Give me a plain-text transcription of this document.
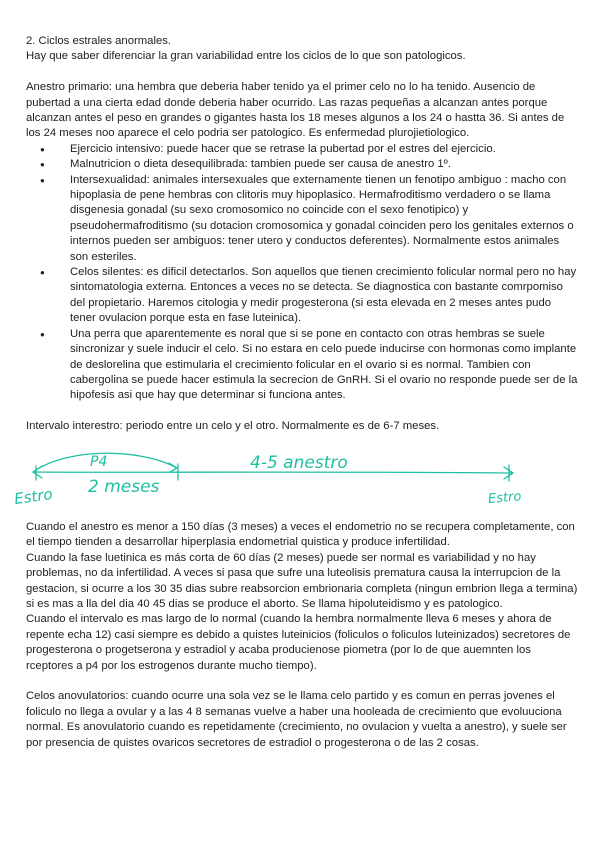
2. Ciclos estrales anormales.

Hay que saber diferenciar la gran variabilidad entre los ciclos de lo que son patologicos.

Anestro primario: una hembra que deberia haber tenido ya el primer celo no lo ha tenido. Ausencio de pubertad a una cierta edad donde deberia haber ocurrido. Las razas pequeñas a alcanzan antes porque alcanzan antes el peso en grandes o gigantes hasta los 18 meses algunos a los 24 o hastta 36. Si antes de los 24 meses noo aparece el celo podria ser patologico. Es enfermedad plurojietiologico.

● Ejercicio intensivo: puede hacer que se retrase la pubertad por el estres del ejercicio.
● Malnutricion o dieta desequilibrada: tambien puede ser causa de anestro 1º.
● Intersexualidad: animales intersexuales que externamente tienen un fenotipo ambiguo : macho con hipoplasia de pene hembras con clitoris muy hipoplasico. Hermafroditismo verdadero o se llama disgenesia gonadal (su sexo cromosomico no coincide con el sexo fenotipico) y pseudohermafroditismo (su dotacion cromosomica y gonadal coinciden pero los genitales externos o internos pueden ser ambiguos: tener utero y conductos deferentes). Normalmente estos animales son esteriles.
● Celos silentes: es dificil detectarlos. Son aquellos que tienen crecimiento folicular normal pero no hay sintomatologia externa. Entonces a veces no se detecta. Se diagnostica con bastante comrpomiso del propietario. Haremos citologia y medir progesterona (si esta elevada en 2 meses antes pudo tener ovulacion porque esta en fase luteinica).
● Una perra que aparentemente es noral que si se pone en contacto con otras hembras se suele sincronizar y suele inducir el celo. Si no estara en celo puede inducirse con hormonas como implante de deslorelina que estimularia el crecimiento folicular en el ovario si es normal. Tambien con cabergolina se puede hacer estimula la secrecion de GnRH. Si el ovario no responde puede ser de la hipofesis asi que hay que determinar si funciona antes.

Intervalo interestro: periodo entre un celo y el otro. Normalmente es de 6-7 meses.

P4	4-5 anestro
Estro 2 meses
Estro

Cuando el anestro es menor a 150 días (3 meses) a veces el endometrio no se recupera completamente, con el tiempo tienden a desarrollar hiperplasia endometrial quistica y produce infertilidad.

Cuando la fase luetinica es más corta de 60 días (2 meses) puede ser normal es variabilidad y no hay problemas, no da infertilidad. A veces si pasa que sufre una luteolisis prematura causa la interrupcion de la gestacion, si ocurre a los 30 35 dias subre reabsorcion embrionaria completa (ningun embrion llega a termina) si es mas a lla del dia 40 45 dias se produce el aborto. Se llama hipoluteidismo y es patologico.

Cuando el intervalo es mas largo de lo normal (cuando la hembra normalmente lleva 6 meses y ahora de repente echa 12) casi siempre es debido a quistes luteinicios (foliculos o foliculos luteinizados) secretores de progesterona o progetserona y estradiol y acaba producienose piometra (por lo de que auemnten los rceptores a p4 por los estrogenos durante mucho tiempo).

Celos anovulatorios: cuando ocurre una sola vez se le llama celo partido y es comun en perras jovenes el foliculo no llega a ovular y a las 4 8 semanas vuelve a haber una hooleada de crecimiento que evoluuciona normal. Es anovulatorio cuando es repetidamente (crecimiento, no ovulacion y vuelta a anestro), y suele ser por presencia de quistes ovaricos secretores de estradiol o progesterona o de las 2 cosas.
